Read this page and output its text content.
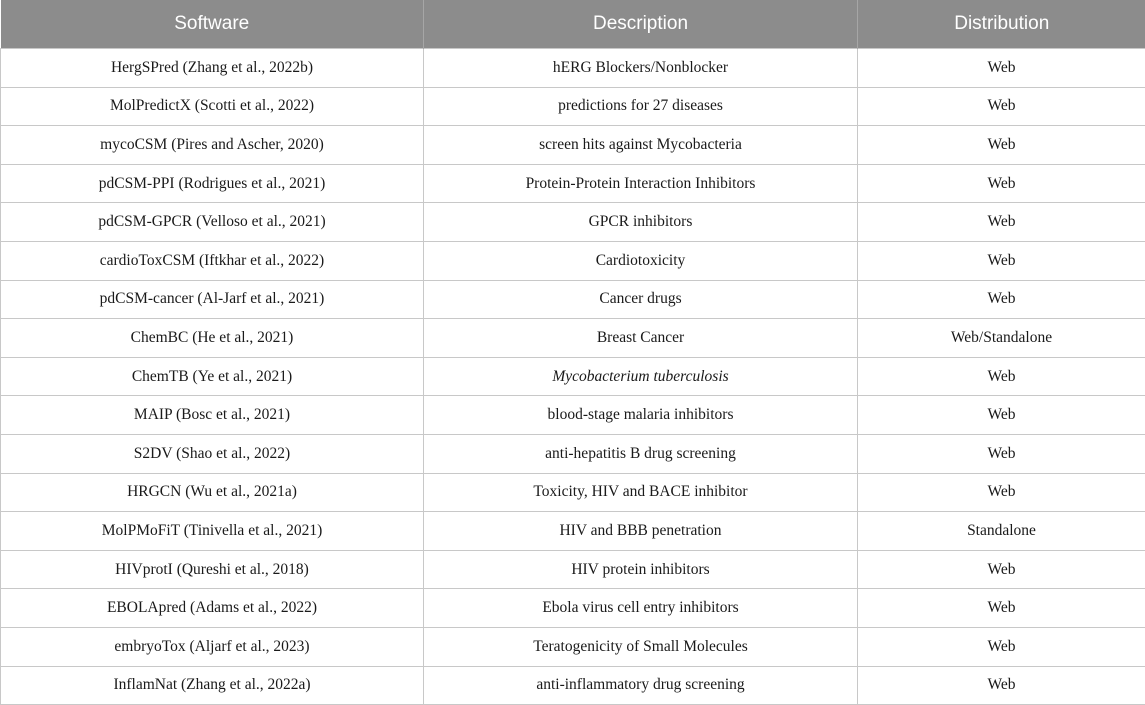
Software	Description	Distribution
HergSPred (Zhang et al., 2022b)	hERG Blockers/Nonblocker	Web
MolPredictX (Scotti et al., 2022)	predictions for 27 diseases	Web
mycoCSM (Pires and Ascher, 2020)	screen hits against Mycobacteria	Web
pdCSM-PPI (Rodrigues et al., 2021)	Protein-Protein Interaction Inhibitors	Web
pdCSM-GPCR (Velloso et al., 2021)	GPCR inhibitors	Web
cardioToxCSM (Iftkhar et al., 2022)	Cardiotoxicity	Web
pdCSM-cancer (Al-Jarf et al., 2021)	Cancer drugs	Web
ChemBC (He et al., 2021)	Breast Cancer	Web/Standalone
ChemTB (Ye et al., 2021)	Mycobacterium tuberculosis	Web
MAIP (Bosc et al., 2021)	blood-stage malaria inhibitors	Web
S2DV (Shao et al., 2022)	anti-hepatitis B drug screening	Web
HRGCN (Wu et al., 2021a)	Toxicity, HIV and BACE inhibitor	Web
MolPMoFiT (Tinivella et al., 2021)	HIV and BBB penetration	Standalone
HIVprotI (Qureshi et al., 2018)	HIV protein inhibitors	Web
EBOLApred (Adams et al., 2022)	Ebola virus cell entry inhibitors	Web
embryoTox (Aljarf et al., 2023)	Teratogenicity of Small Molecules	Web
InflamNat (Zhang et al., 2022a)	anti-inflammatory drug screening	Web
